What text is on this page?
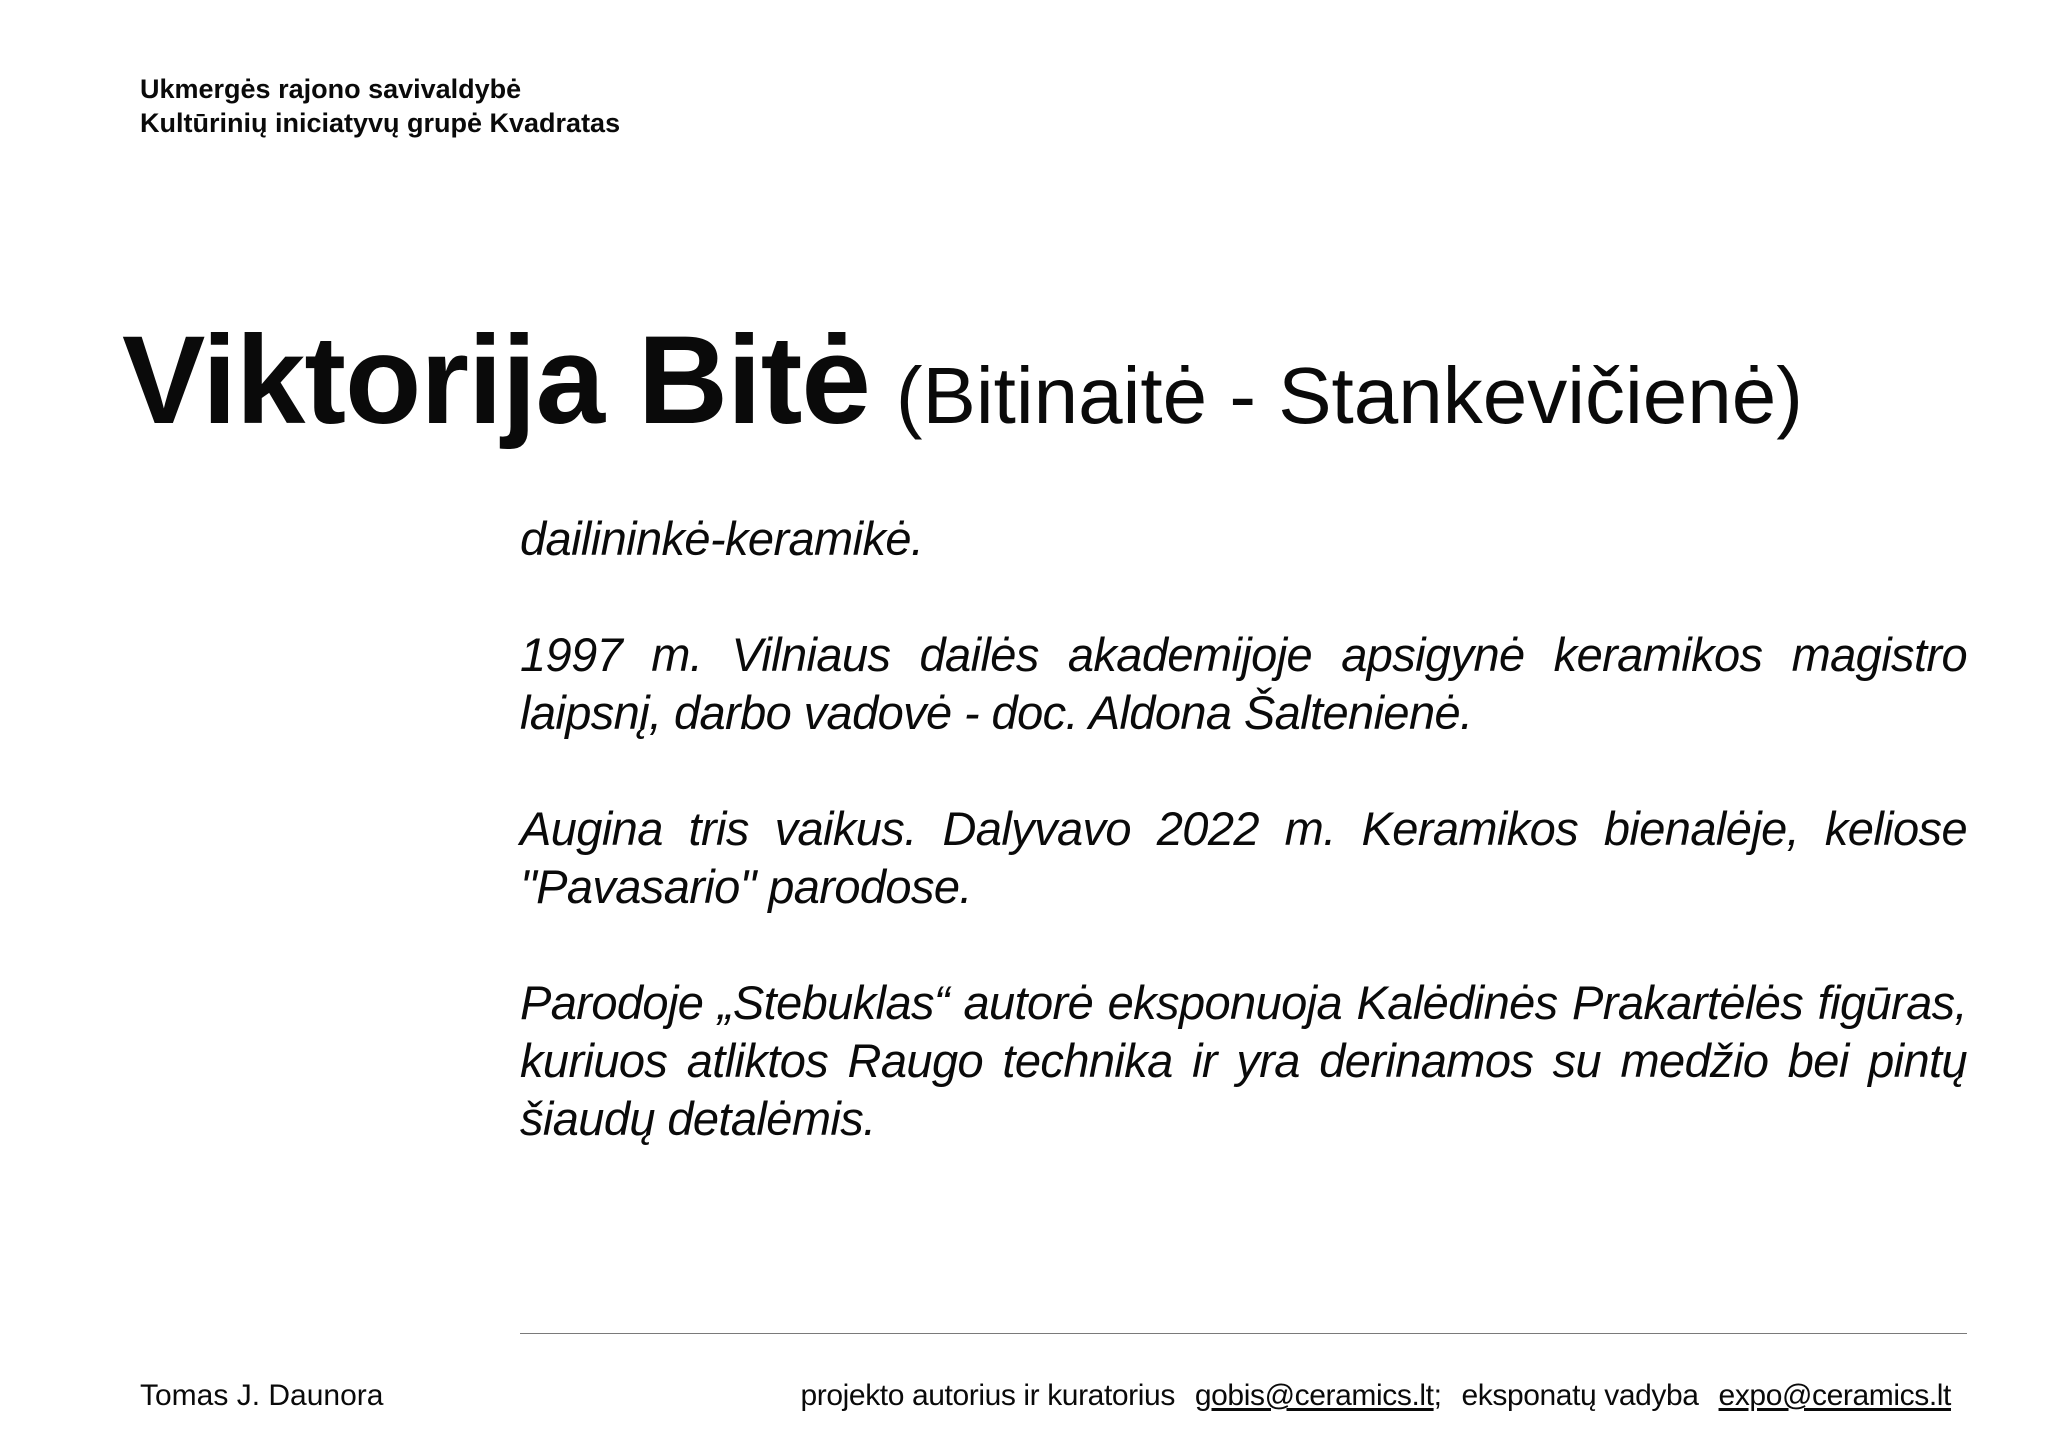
Ukmergės rajono savivaldybė
Kultūrinių iniciatyvų grupė Kvadratas
Viktorija Bitė (Bitinaitė - Stankevičienė)

dailininkė-keramikė.

1997 m. Vilniaus dailės akademijoje apsigynė keramikos magistro laipsnį, darbo vadovė - doc. Aldona Šaltenienė.

Augina tris vaikus. Dalyvavo 2022 m. Keramikos bienalėje, keliose "Pavasario" parodose.

Parodoje „Stebuklas“ autorė eksponuoja Kalėdinės Prakartėlės figūras, kuriuos atliktos Raugo technika ir yra derinamos su medžio bei pintų šiaudų detalėmis.

Tomas J. Daunora	projekto autorius ir kuratorius gobis@ceramics.lt; eksponatų vadyba expo@ceramics.lt
